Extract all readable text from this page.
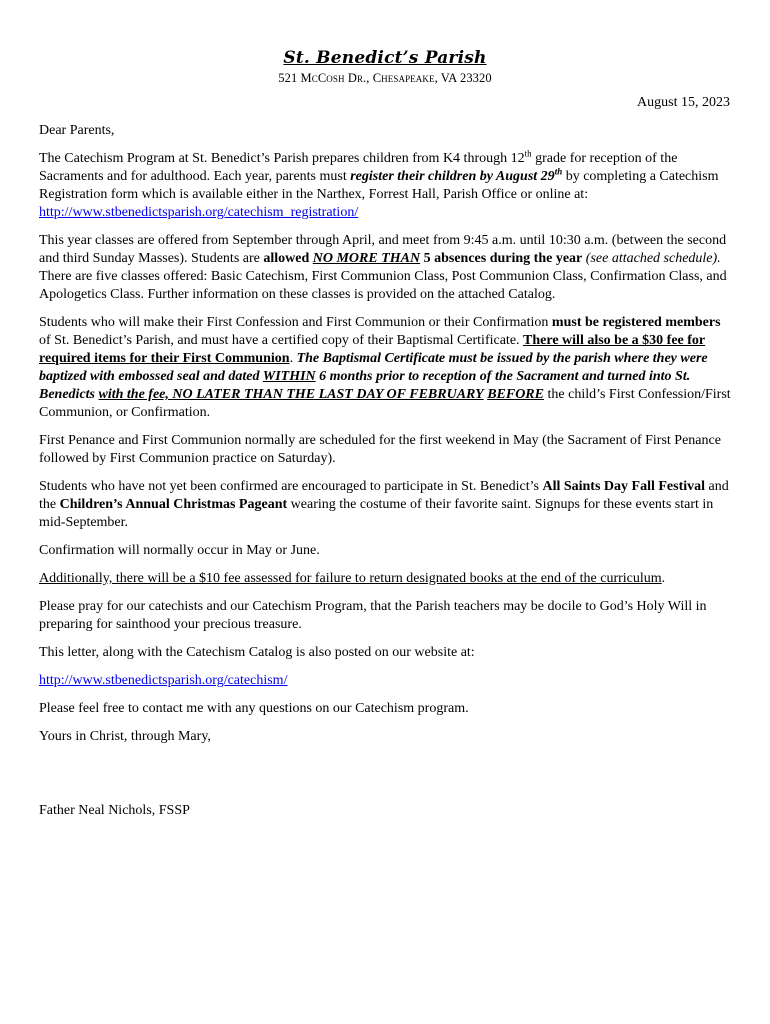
St. Benedict’s Parish
521 McCosh Dr., Chesapeake, VA 23320
August 15, 2023

Dear Parents,

The Catechism Program at St. Benedict’s Parish prepares children from K4 through 12th grade for reception of the Sacraments and for adulthood. Each year, parents must register their children by August 29th by completing a Catechism Registration form which is available either in the Narthex, Forrest Hall, Parish Office or online at:
http://www.stbenedictsparish.org/catechism_registration/

This year classes are offered from September through April, and meet from 9:45 a.m. until 10:30 a.m. (between the second and third Sunday Masses). Students are allowed NO MORE THAN 5 absences during the year (see attached schedule). There are five classes offered: Basic Catechism, First Communion Class, Post Communion Class, Confirmation Class, and Apologetics Class. Further information on these classes is provided on the attached Catalog.

Students who will make their First Confession and First Communion or their Confirmation must be registered members of St. Benedict’s Parish, and must have a certified copy of their Baptismal Certificate. There will also be a $30 fee for required items for their First Communion. The Baptismal Certificate must be issued by the parish where they were baptized with embossed seal and dated WITHIN 6 months prior to reception of the Sacrament and turned into St. Benedicts with the fee, NO LATER THAN THE LAST DAY OF FEBRUARY BEFORE the child’s First Confession/First Communion, or Confirmation.

First Penance and First Communion normally are scheduled for the first weekend in May (the Sacrament of First Penance followed by First Communion practice on Saturday).

Students who have not yet been confirmed are encouraged to participate in St. Benedict’s All Saints Day Fall Festival and the Children’s Annual Christmas Pageant wearing the costume of their favorite saint. Signups for these events start in mid-September.

Confirmation will normally occur in May or June.

Additionally, there will be a $10 fee assessed for failure to return designated books at the end of the curriculum.

Please pray for our catechists and our Catechism Program, that the Parish teachers may be docile to God’s Holy Will in preparing for sainthood your precious treasure.

This letter, along with the Catechism Catalog is also posted on our website at:

http://www.stbenedictsparish.org/catechism/

Please feel free to contact me with any questions on our Catechism program.

Yours in Christ, through Mary,

Father Neal Nichols, FSSP
